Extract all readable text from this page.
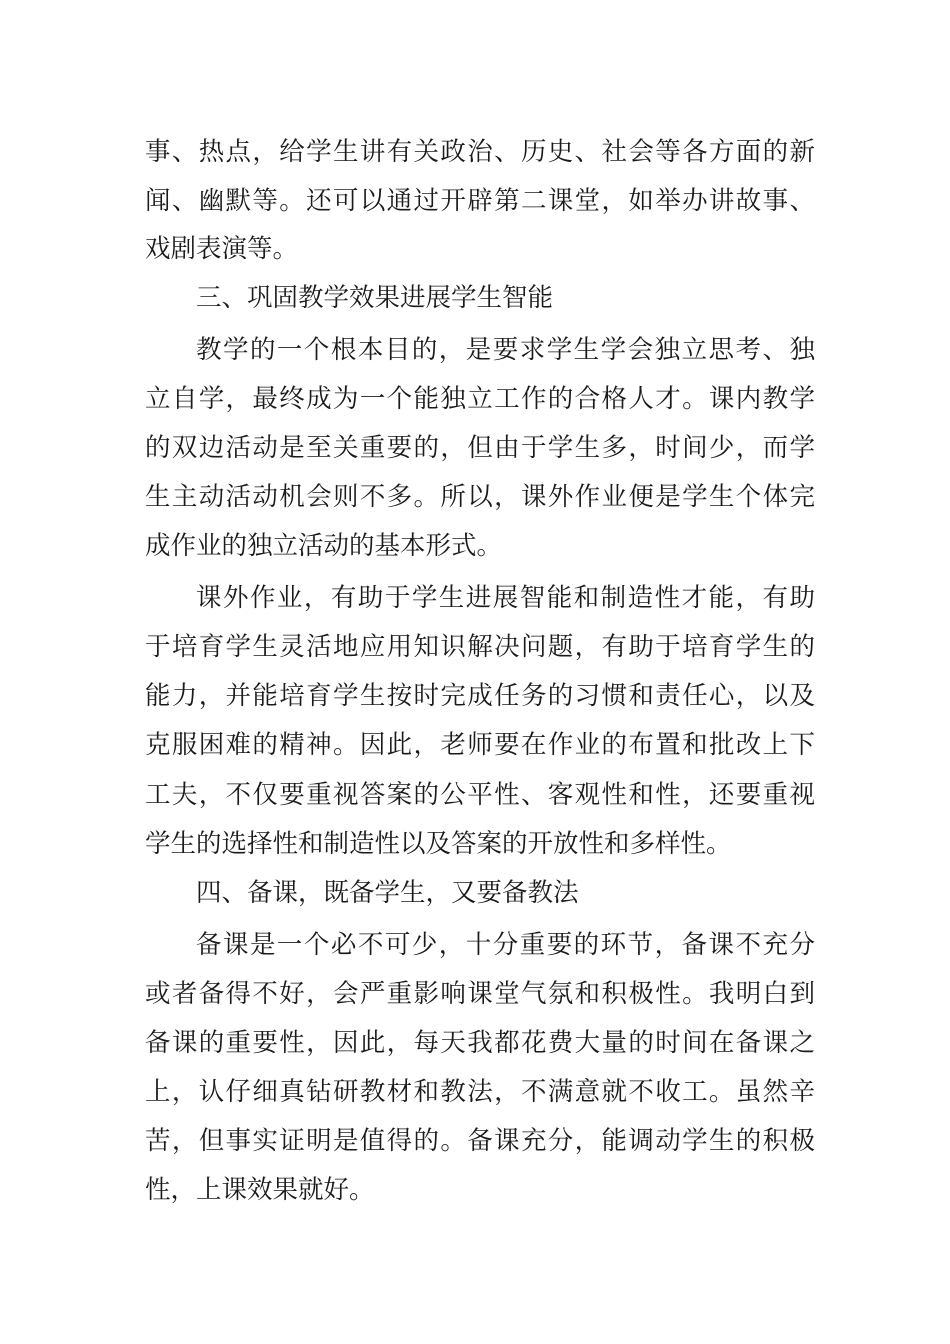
事、热点，给学生讲有关政治、历史、社会等各方面的新
闻、幽默等。还可以通过开辟第二课堂，如举办讲故事、
戏剧表演等。
三、巩固教学效果进展学生智能
教学的一个根本目的，是要求学生学会独立思考、独
立自学，最终成为一个能独立工作的合格人才。课内教学
的双边活动是至关重要的，但由于学生多，时间少，而学
生主动活动机会则不多。所以，课外作业便是学生个体完
成作业的独立活动的基本形式。
课外作业，有助于学生进展智能和制造性才能，有助
于培育学生灵活地应用知识解决问题，有助于培育学生的
能力，并能培育学生按时完成任务的习惯和责任心，以及
克服困难的精神。因此，老师要在作业的布置和批改上下
工夫，不仅要重视答案的公平性、客观性和性，还要重视
学生的选择性和制造性以及答案的开放性和多样性。
四、备课，既备学生，又要备教法
备课是一个必不可少，十分重要的环节，备课不充分
或者备得不好，会严重影响课堂气氛和积极性。我明白到
备课的重要性，因此，每天我都花费大量的时间在备课之
上，认仔细真钻研教材和教法，不满意就不收工。虽然辛
苦，但事实证明是值得的。备课充分，能调动学生的积极
性，上课效果就好。
